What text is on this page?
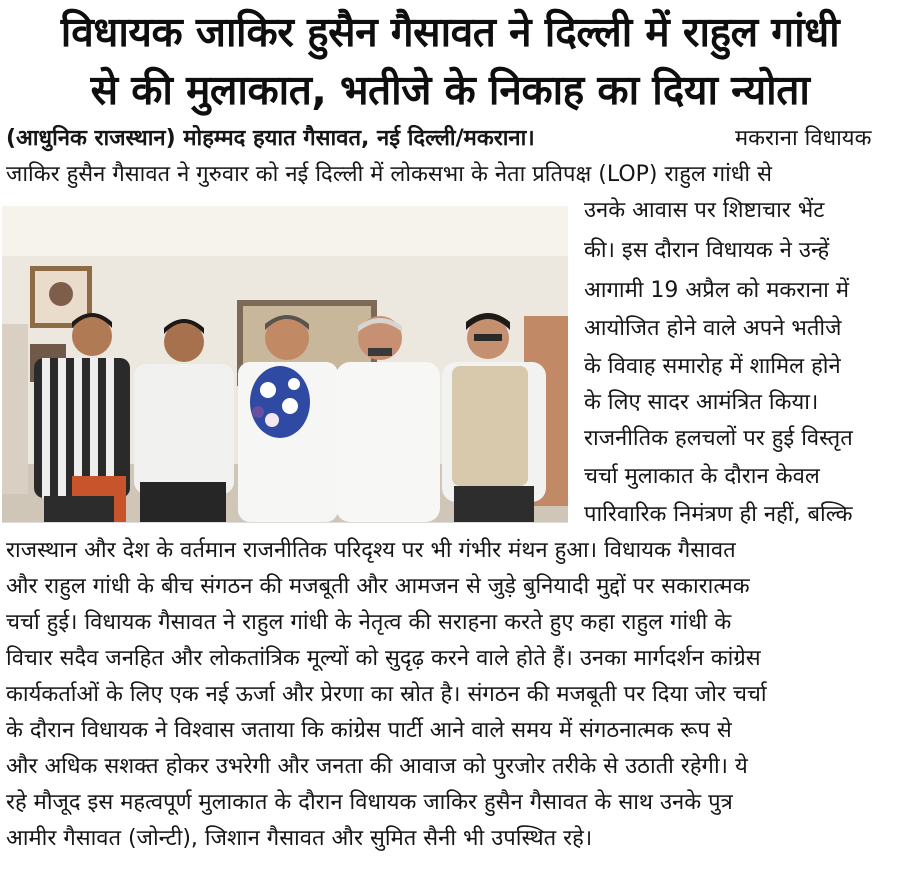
विधायक जाकिर हुसैन गैसावत ने दिल्ली में राहुल गांधी
से की मुलाकात, भतीजे के निकाह का दिया न्योता
(आधुनिक राजस्थान) मोहम्मद हयात गैसावत, नई दिल्ली/मकराना।	मकराना विधायक
जाकिर हुसैन गैसावत ने गुरुवार को नई दिल्ली में लोकसभा के नेता प्रतिपक्ष (LOP) राहुल गांधी से
उनके आवास पर शिष्टाचार भेंट
की। इस दौरान विधायक ने उन्हें
आगामी 19 अप्रैल को मकराना में
आयोजित होने वाले अपने भतीजे
के विवाह समारोह में शामिल होने
के लिए सादर आमंत्रित किया।
राजनीतिक हलचलों पर हुई विस्तृत
चर्चा मुलाकात के दौरान केवल
पारिवारिक निमंत्रण ही नहीं, बल्कि
राजस्थान और देश के वर्तमान राजनीतिक परिदृश्य पर भी गंभीर मंथन हुआ। विधायक गैसावत
और राहुल गांधी के बीच संगठन की मजबूती और आमजन से जुड़े बुनियादी मुद्दों पर सकारात्मक
चर्चा हुई। विधायक गैसावत ने राहुल गांधी के नेतृत्व की सराहना करते हुए कहा राहुल गांधी के
विचार सदैव जनहित और लोकतांत्रिक मूल्यों को सुदृढ़ करने वाले होते हैं। उनका मार्गदर्शन कांग्रेस
कार्यकर्ताओं के लिए एक नई ऊर्जा और प्रेरणा का स्रोत है। संगठन की मजबूती पर दिया जोर चर्चा
के दौरान विधायक ने विश्वास जताया कि कांग्रेस पार्टी आने वाले समय में संगठनात्मक रूप से
और अधिक सशक्त होकर उभरेगी और जनता की आवाज को पुरजोर तरीके से उठाती रहेगी। ये
रहे मौजूद इस महत्वपूर्ण मुलाकात के दौरान विधायक जाकिर हुसैन गैसावत के साथ उनके पुत्र
आमीर गैसावत (जोन्टी), जिशान गैसावत और सुमित सैनी भी उपस्थित रहे।
